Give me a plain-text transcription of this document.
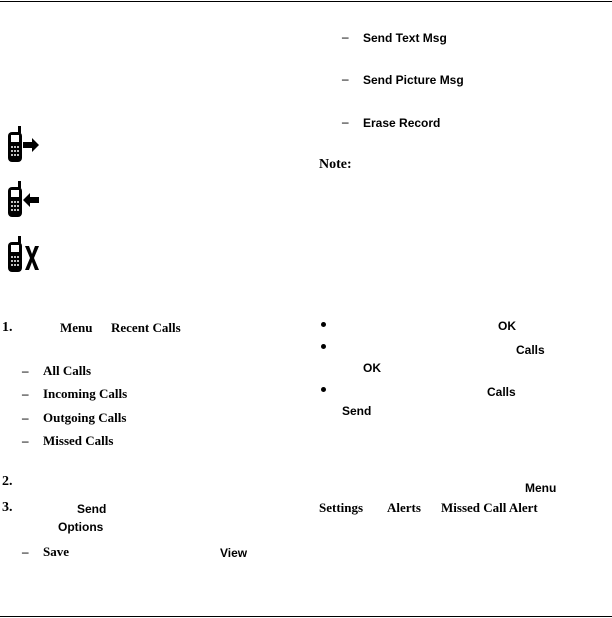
1.	Menu Recent Calls
– All Calls
– Incoming Calls
– Outgoing Calls
– Missed Calls
2.
3.	Send
Options
– Save	View
– Send Text Msg
– Send Picture Msg
– Erase Record
Note:
OK
Calls
OK
Calls
Send
Menu
Settings Alerts Missed Call Alert
